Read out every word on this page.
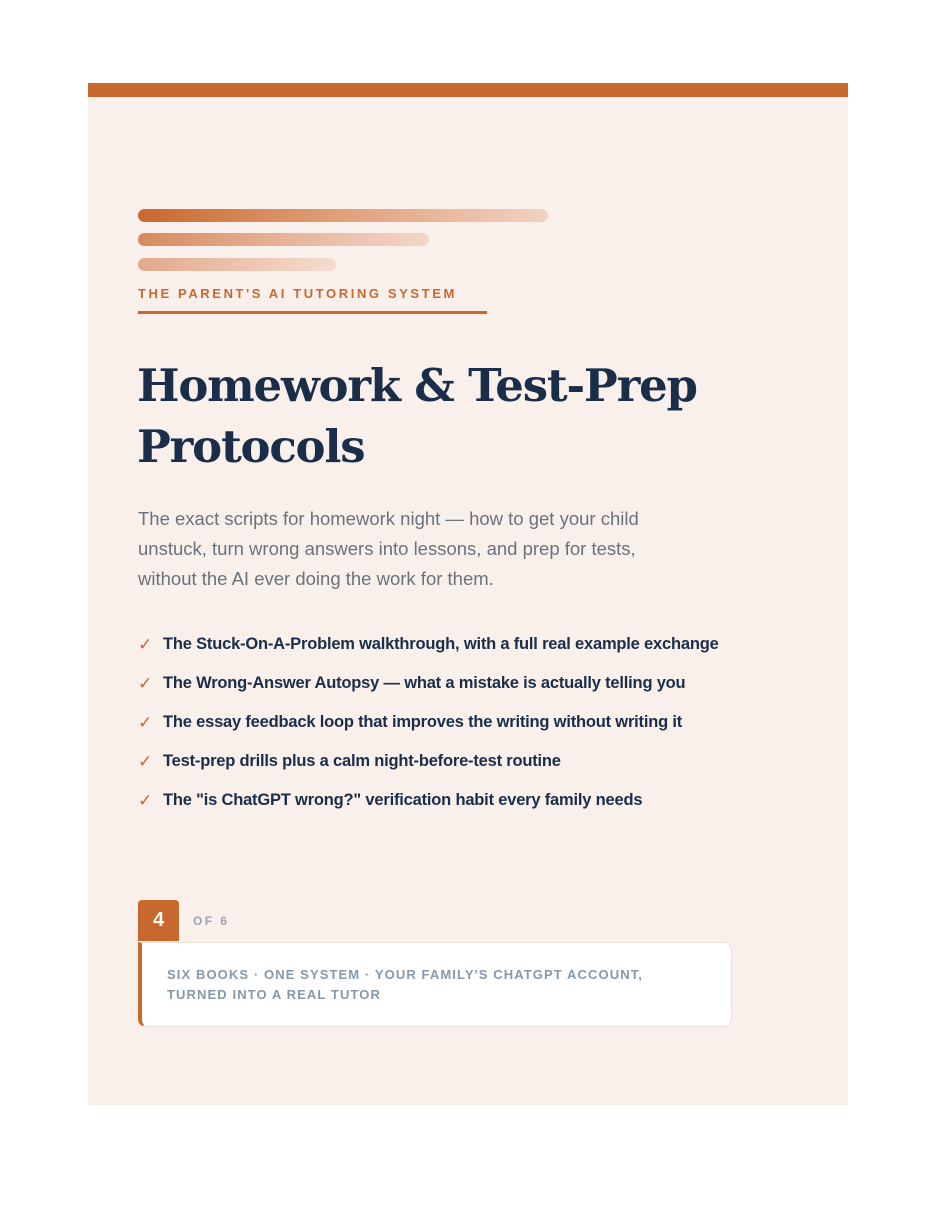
THE PARENT'S AI TUTORING SYSTEM
Homework & Test-Prep Protocols

The exact scripts for homework night — how to get your child unstuck, turn wrong answers into lessons, and prep for tests, without the AI ever doing the work for them.

✓ The Stuck-On-A-Problem walkthrough, with a full real example exchange
✓ The Wrong-Answer Autopsy — what a mistake is actually telling you
✓ The essay feedback loop that improves the writing without writing it
✓ Test-prep drills plus a calm night-before-test routine
✓ The "is ChatGPT wrong?" verification habit every family needs
4	OF 6

SIX BOOKS · ONE SYSTEM · YOUR FAMILY'S CHATGPT ACCOUNT, TURNED INTO A REAL TUTOR
